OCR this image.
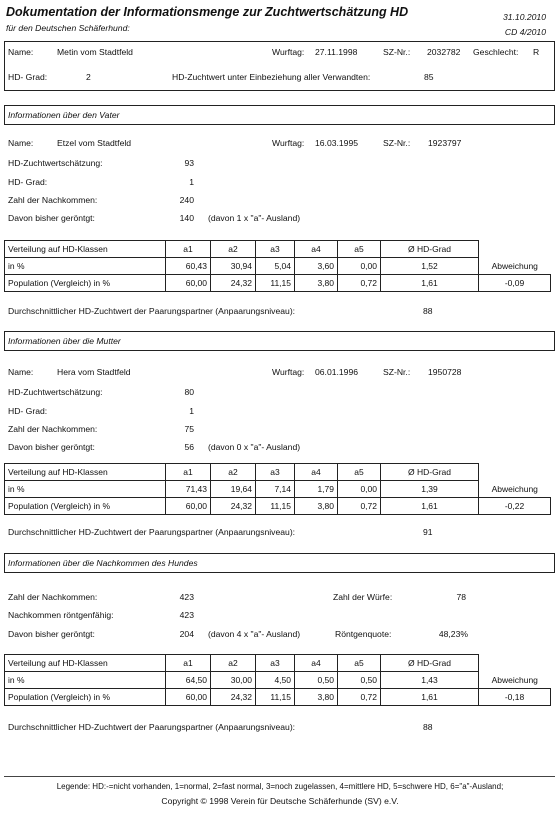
Dokumentation der Informationsmenge zur Zuchtwertschätzung HD
für den Deutschen Schäferhund:
31.10.2010
CD 4/2010
Name:	Metin vom Stadtfeld	Wurftag: 27.11.1998	SZ-Nr.: 2032782 Geschlecht: R
HD- Grad:	2	HD-Zuchtwert unter Einbeziehung aller Verwandten:	85
Informationen über den Vater
Name:	Etzel vom Stadtfeld	Wurftag: 16.03.1995	SZ-Nr.: 1923797
HD-Zuchtwertschätzung:	93
HD- Grad:	1
Zahl der Nachkommen:	240
Davon bisher geröntgt:	140 (davon 1 x "a"- Ausland)
Verteilung auf HD-Klassen	a1	a2	a3	a4	a5	Ø HD-Grad	
in %	60,43	30,94	5,04	3,60	0,00	1,52	Abweichung
Population (Vergleich) in %	60,00	24,32	11,15	3,80	0,72	1,61	-0,09
Durchschnittlicher HD-Zuchtwert der Paarungspartner (Anpaarungsniveau):	88
Informationen über die Mutter
Name:	Hera vom Stadtfeld	Wurftag: 06.01.1996	SZ-Nr.: 1950728
HD-Zuchtwertschätzung:	80
HD- Grad:	1
Zahl der Nachkommen:	75
Davon bisher geröntgt:	56 (davon 0 x "a"- Ausland)
Verteilung auf HD-Klassen	a1	a2	a3	a4	a5	Ø HD-Grad	
in %	71,43	19,64	7,14	1,79	0,00	1,39	Abweichung
Population (Vergleich) in %	60,00	24,32	11,15	3,80	0,72	1,61	-0,22
Durchschnittlicher HD-Zuchtwert der Paarungspartner (Anpaarungsniveau):	91
Informationen über die Nachkommen des Hundes
Zahl der Nachkommen:	423	Zahl der Würfe:	78
Nachkommen röntgenfähig:	423
Davon bisher geröntgt:	204 (davon 4 x "a"- Ausland)	Röntgenquote:	48,23%
Verteilung auf HD-Klassen	a1	a2	a3	a4	a5	Ø HD-Grad	
in %	64,50	30,00	4,50	0,50	0,50	1,43	Abweichung
Population (Vergleich) in %	60,00	24,32	11,15	3,80	0,72	1,61	-0,18
Durchschnittlicher HD-Zuchtwert der Paarungspartner (Anpaarungsniveau):	88
Legende: HD:-=nicht vorhanden, 1=normal, 2=fast normal, 3=noch zugelassen, 4=mittlere HD, 5=schwere HD, 6="a"-Ausland;
Copyright © 1998 Verein für Deutsche Schäferhunde (SV) e.V.
